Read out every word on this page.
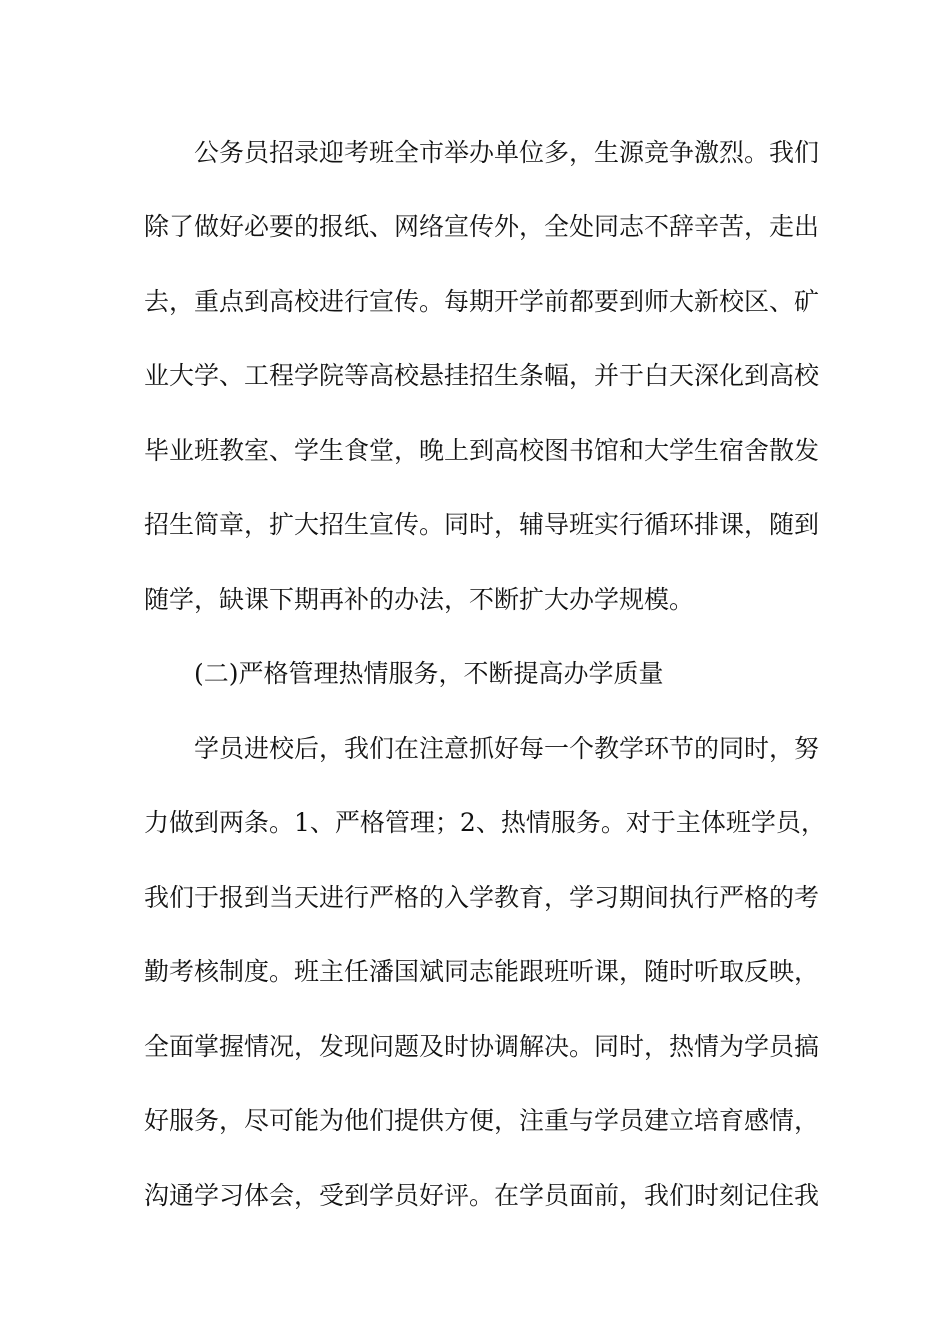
公务员招录迎考班全市举办单位多，生源竞争激烈。我们
除了做好必要的报纸、网络宣传外，全处同志不辞辛苦，走出
去，重点到高校进行宣传。每期开学前都要到师大新校区、矿
业大学、工程学院等高校悬挂招生条幅，并于白天深化到高校
毕业班教室、学生食堂，晚上到高校图书馆和大学生宿舍散发
招生简章，扩大招生宣传。同时，辅导班实行循环排课，随到
随学，缺课下期再补的办法，不断扩大办学规模。
(二)严格管理热情服务，不断提高办学质量
学员进校后，我们在注意抓好每一个教学环节的同时，努
力做到两条。1、严格管理；2、热情服务。对于主体班学员，
我们于报到当天进行严格的入学教育，学习期间执行严格的考
勤考核制度。班主任潘国斌同志能跟班听课，随时听取反映，
全面掌握情况，发现问题及时协调解决。同时，热情为学员搞
好服务，尽可能为他们提供方便，注重与学员建立培育感情，
沟通学习体会，受到学员好评。在学员面前，我们时刻记住我
